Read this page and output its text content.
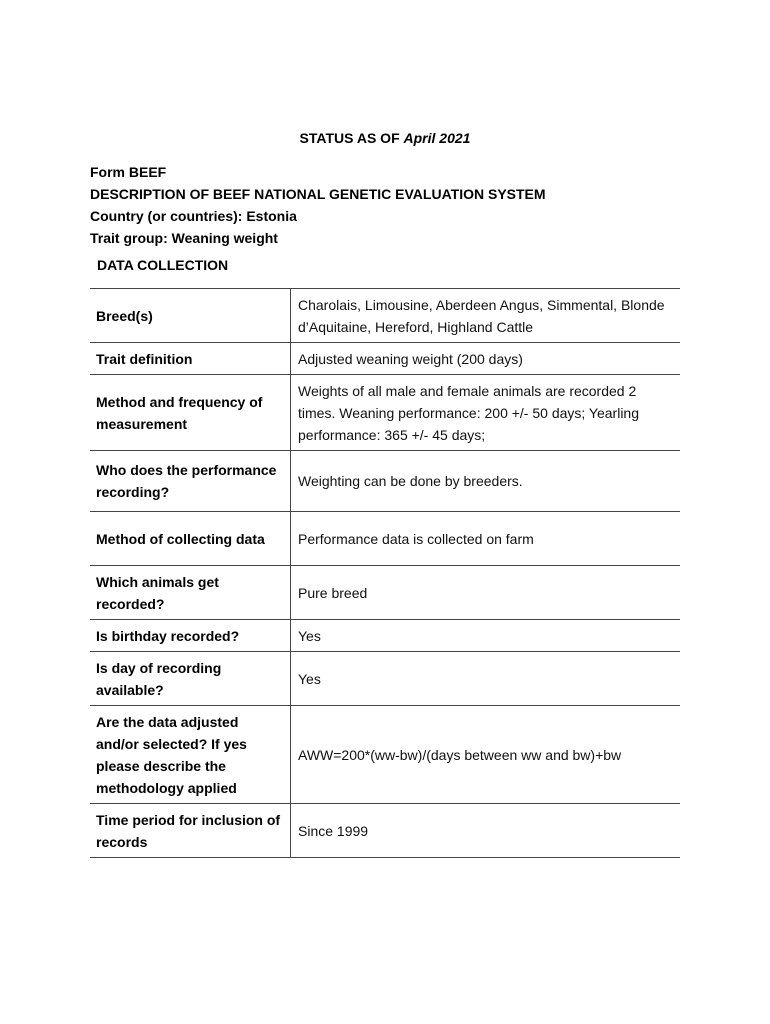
STATUS AS OF April 2021
Form BEEF
DESCRIPTION OF BEEF NATIONAL GENETIC EVALUATION SYSTEM
Country (or countries): Estonia
Trait group: Weaning weight
DATA COLLECTION
Breed(s)	Charolais, Limousine, Aberdeen Angus, Simmental, Blonde d’Aquitaine, Hereford, Highland Cattle
Trait definition	Adjusted weaning weight (200 days)
Method and frequency of measurement	Weights of all male and female animals are recorded 2 times. Weaning performance: 200 +/- 50 days; Yearling performance: 365 +/- 45 days;
Who does the performance recording?	Weighting can be done by breeders.
Method of collecting data	Performance data is collected on farm
Which animals get recorded?	Pure breed
Is birthday recorded?	Yes
Is day of recording available?	Yes
Are the data adjusted and/or selected? If yes please describe the methodology applied	AWW=200*(ww-bw)/(days between ww and bw)+bw
Time period for inclusion of records	Since 1999
